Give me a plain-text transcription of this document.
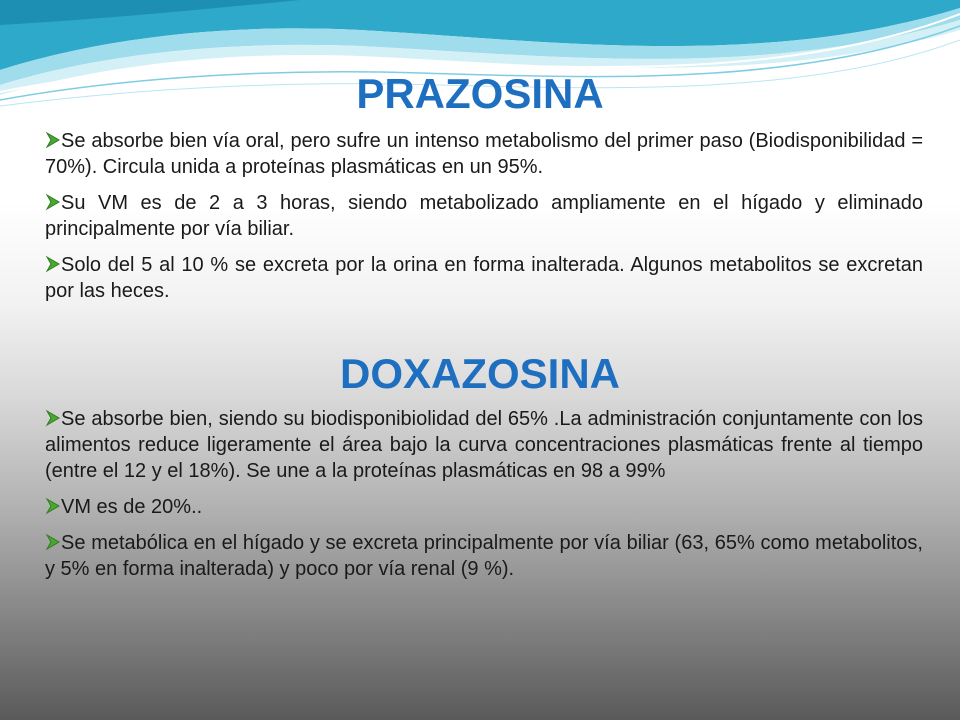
PRAZOSINA
Se absorbe bien vía oral, pero sufre un intenso metabolismo del primer paso (Biodisponibilidad = 70%). Circula unida a proteínas plasmáticas en un 95%.
Su VM es de 2 a 3 horas, siendo metabolizado ampliamente en el hígado y eliminado principalmente por vía biliar.
Solo del 5 al 10 % se excreta por la orina en forma inalterada. Algunos metabolitos se excretan por las heces.
DOXAZOSINA
Se absorbe bien, siendo su biodisponibiolidad del 65% .La administración conjuntamente con los alimentos reduce ligeramente el área bajo la curva concentraciones plasmáticas frente al tiempo (entre el 12 y el 18%). Se une a la proteínas plasmáticas en 98 a 99%
VM es de 20%..
Se metabólica en el hígado y se excreta principalmente por vía biliar (63, 65% como metabolitos, y 5% en forma inalterada) y poco por vía renal (9 %).
